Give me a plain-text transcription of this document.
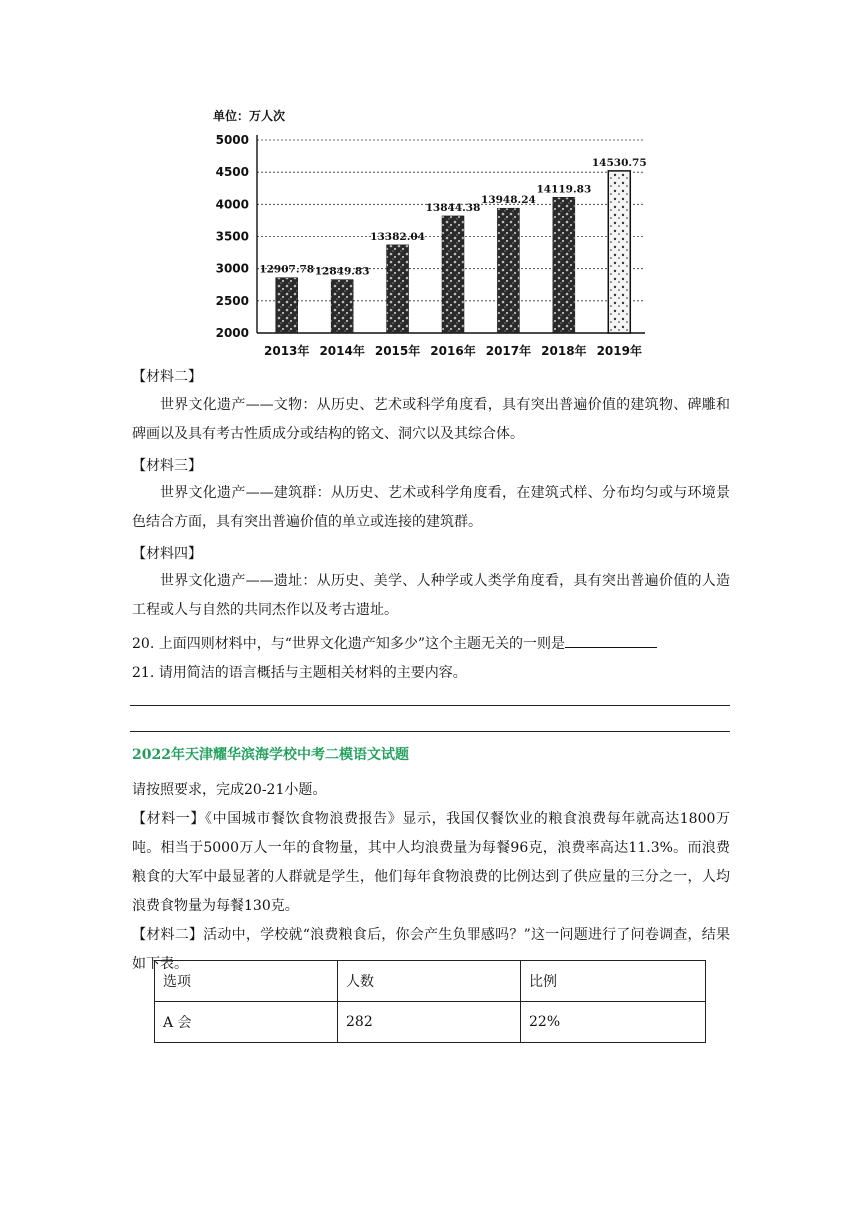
单位：万人次
5000
4500
4000
3500
3000
2500
2000
12907.78
2013年
12849.83
2014年
13382.04
2015年
13844.38
2016年
13948.24
2017年
14119.83
2018年
14530.75
2019年
【材料二】
世界文化遗产——文物：从历史、艺术或科学角度看，具有突出普遍价值的建筑物、碑雕和碑画以及具有考古性质成分或结构的铭文、洞穴以及其综合体。
【材料三】
世界文化遗产——建筑群：从历史、艺术或科学角度看，在建筑式样、分布均匀或与环境景色结合方面，具有突出普遍价值的单立或连接的建筑群。
【材料四】
世界文化遗产——遗址：从历史、美学、人种学或人类学角度看，具有突出普遍价值的人造工程或人与自然的共同杰作以及考古遗址。
20. 上面四则材料中，与“世界文化遗产知多少”这个主题无关的一则是
21. 请用简洁的语言概括与主题相关材料的主要内容。
2022年天津耀华滨海学校中考二模语文试题
请按照要求，完成20-21小题。
【材料一】《中国城市餐饮食物浪费报告》显示，我国仅餐饮业的粮食浪费每年就高达1800万吨。相当于5000万人一年的食物量，其中人均浪费量为每餐96克，浪费率高达11.3%。而浪费粮食的大军中最显著的人群就是学生，他们每年食物浪费的比例达到了供应量的三分之一，人均浪费食物量为每餐130克。
【材料二】活动中，学校就“浪费粮食后，你会产生负罪感吗？”这一问题进行了问卷调查，结果如下表。
选项	人数	比例
A 会	282	22%
